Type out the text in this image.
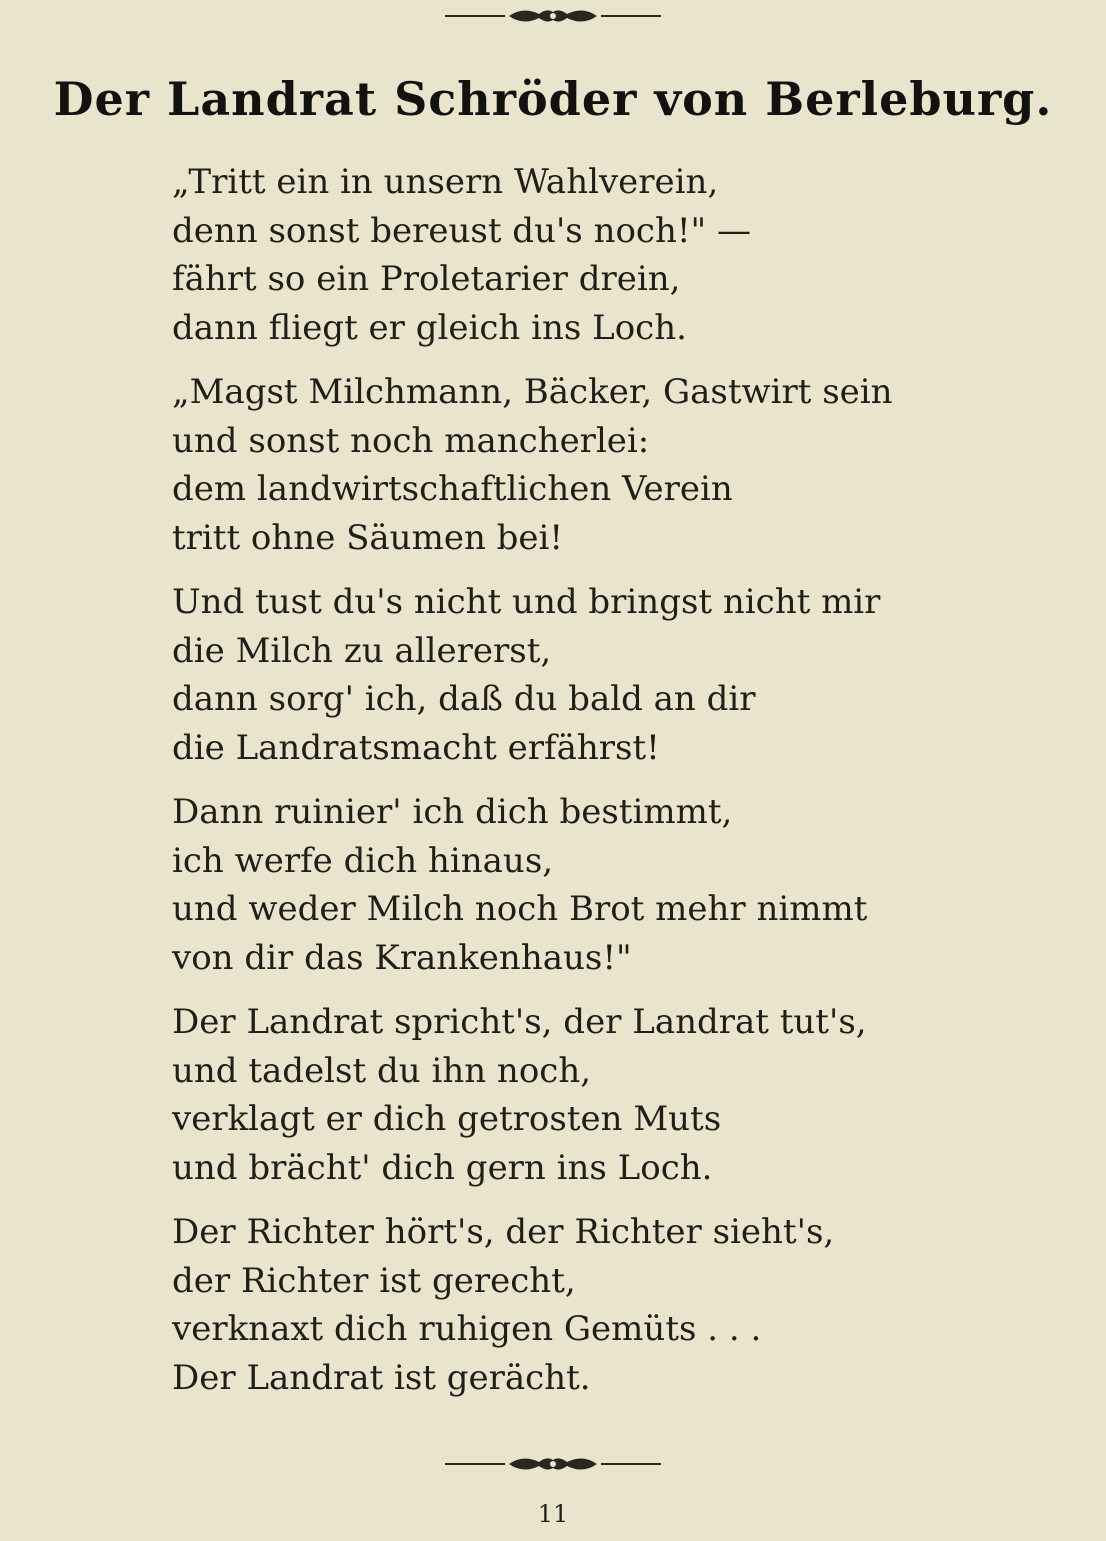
Der Landrat Schröder von Berleburg.
„Tritt ein in unsern Wahlverein,
denn sonst bereust du's noch!" —
fährt so ein Proletarier drein,
dann fliegt er gleich ins Loch.
„Magst Milchmann, Bäcker, Gastwirt sein
und sonst noch mancherlei:
dem landwirtschaftlichen Verein
tritt ohne Säumen bei!
Und tust du's nicht und bringst nicht mir
die Milch zu allererst,
dann sorg' ich, daß du bald an dir
die Landratsmacht erfährst!
Dann ruinier' ich dich bestimmt,
ich werfe dich hinaus,
und weder Milch noch Brot mehr nimmt
von dir das Krankenhaus!"
Der Landrat spricht's, der Landrat tut's,
und tadelst du ihn noch,
verklagt er dich getrosten Muts
und brächt' dich gern ins Loch.
Der Richter hört's, der Richter sieht's,
der Richter ist gerecht,
verknaxt dich ruhigen Gemüts . . .
Der Landrat ist gerächt.
11
